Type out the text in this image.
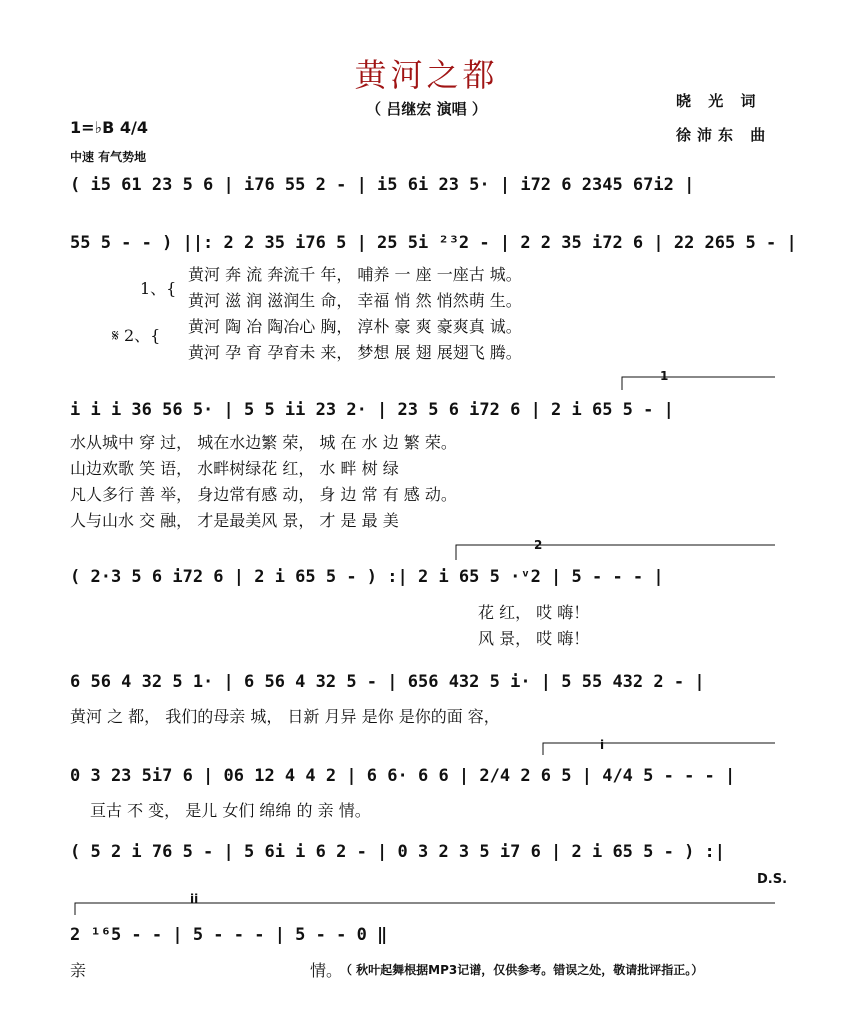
黄河之都
（ 吕继宏 演唱 ）	晓 光 词
徐沛东 曲
1=♭B 4/4
中速 有气势地
( i5 61 23 5 6 | i76 55 2 - | i5 6i 23 5· | i72 6 2345 67i2 |
55 5 - - ) ||: 2 2 35 i76 5 | 25 5i ²³2 - | 2 2 35 i72 6 | 22 265 5 - |
1、{
𝄋 2、{
黄河 奔 流 奔流千 年， 哺养 一 座 一座古 城。
黄河 滋 润 滋润生 命， 幸福 悄 然 悄然萌 生。
黄河 陶 冶 陶冶心 胸， 淳朴 豪 爽 豪爽真 诚。
黄河 孕 育 孕育未 来， 梦想 展 翅 展翅飞 腾。
1
i i i 36 56 5· | 5 5 ii 23 2· | 23 5 6 i72 6 | 2 i 65 5 - |
水从城中 穿 过， 城在水边繁 荣， 城 在 水 边 繁 荣。
山边欢歌 笑 语， 水畔树绿花 红， 水 畔 树 绿
凡人多行 善 举， 身边常有感 动， 身 边 常 有 感 动。
人与山水 交 融， 才是最美风 景， 才 是 最 美
2
( 2·3 5 6 i72 6 | 2 i 65 5 - ) :| 2 i 65 5 ·ᵛ2 | 5 - - - |
花 红， 哎 嗨！
风 景， 哎 嗨！
6 56 4 32 5 1· | 6 56 4 32 5 - | 656 432 5 i· | 5 55 432 2 - |
黄河 之 都， 我们的母亲 城， 日新 月异 是你 是你的面 容，
i
0 3 23 5i7 6 | 06 12 4 4 2 | 6 6· 6 6 | 2/4 2 6 5 | 4/4 5 - - - |
亘古 不 变， 是儿 女们 绵绵 的 亲 情。
( 5 2 i 76 5 - | 5 6i i 6 2 - | 0 3 2 3 5 i7 6 | 2 i 65 5 - ) :|
D.S.
ii
2 ¹⁶5 - - | 5 - - - | 5 - - 0 ‖
亲	情。
（ 秋叶起舞根据MP3记谱，仅供参考。错误之处，敬请批评指正。）
